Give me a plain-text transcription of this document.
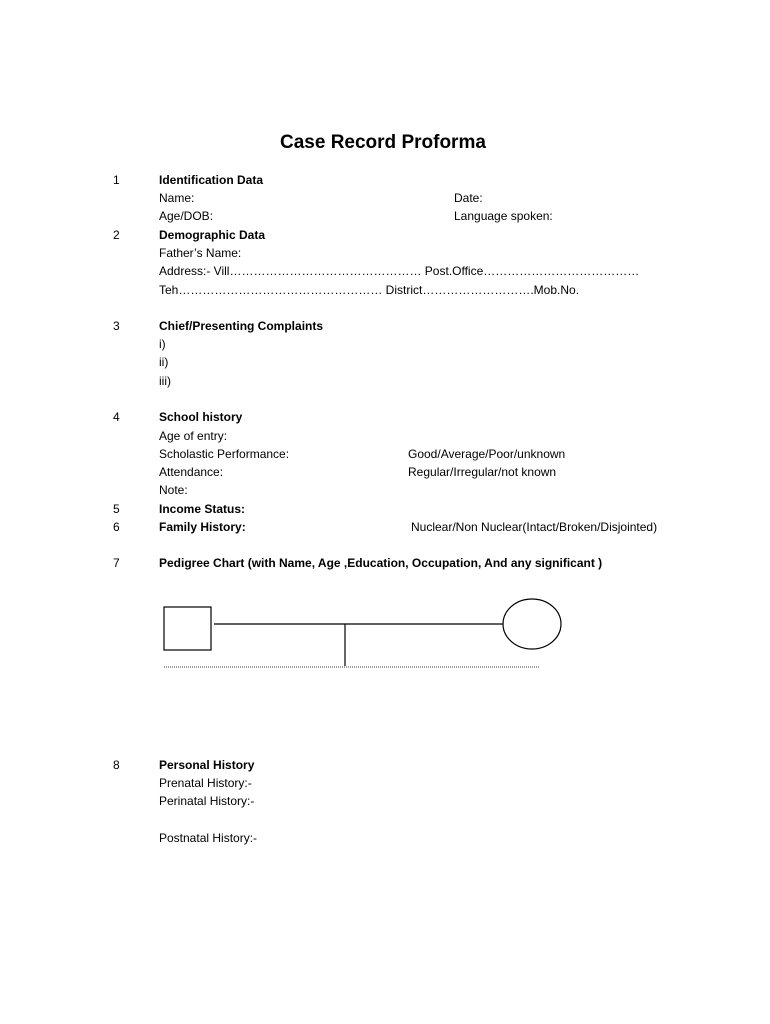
Case Record Proforma
1	Identification Data
Name:	Date:
Age/DOB:	Language spoken:
2	Demographic Data
Father’s Name:
Address:- Vill………………………………………… Post.Office…………………………………
Teh…………………………………………… District……………………….Mob.No.
3	Chief/Presenting Complaints
i)
ii)
iii)
4	School history
Age of entry:
Scholastic Performance:	Good/Average/Poor/unknown
Attendance:	Regular/Irregular/not known
Note:
5	Income Status:
6	Family History:	Nuclear/Non Nuclear(Intact/Broken/Disjointed)
7	Pedigree Chart (with Name, Age ,Education, Occupation, And any significant )
8	Personal History
Prenatal History:-
Perinatal History:-
Postnatal History:-
